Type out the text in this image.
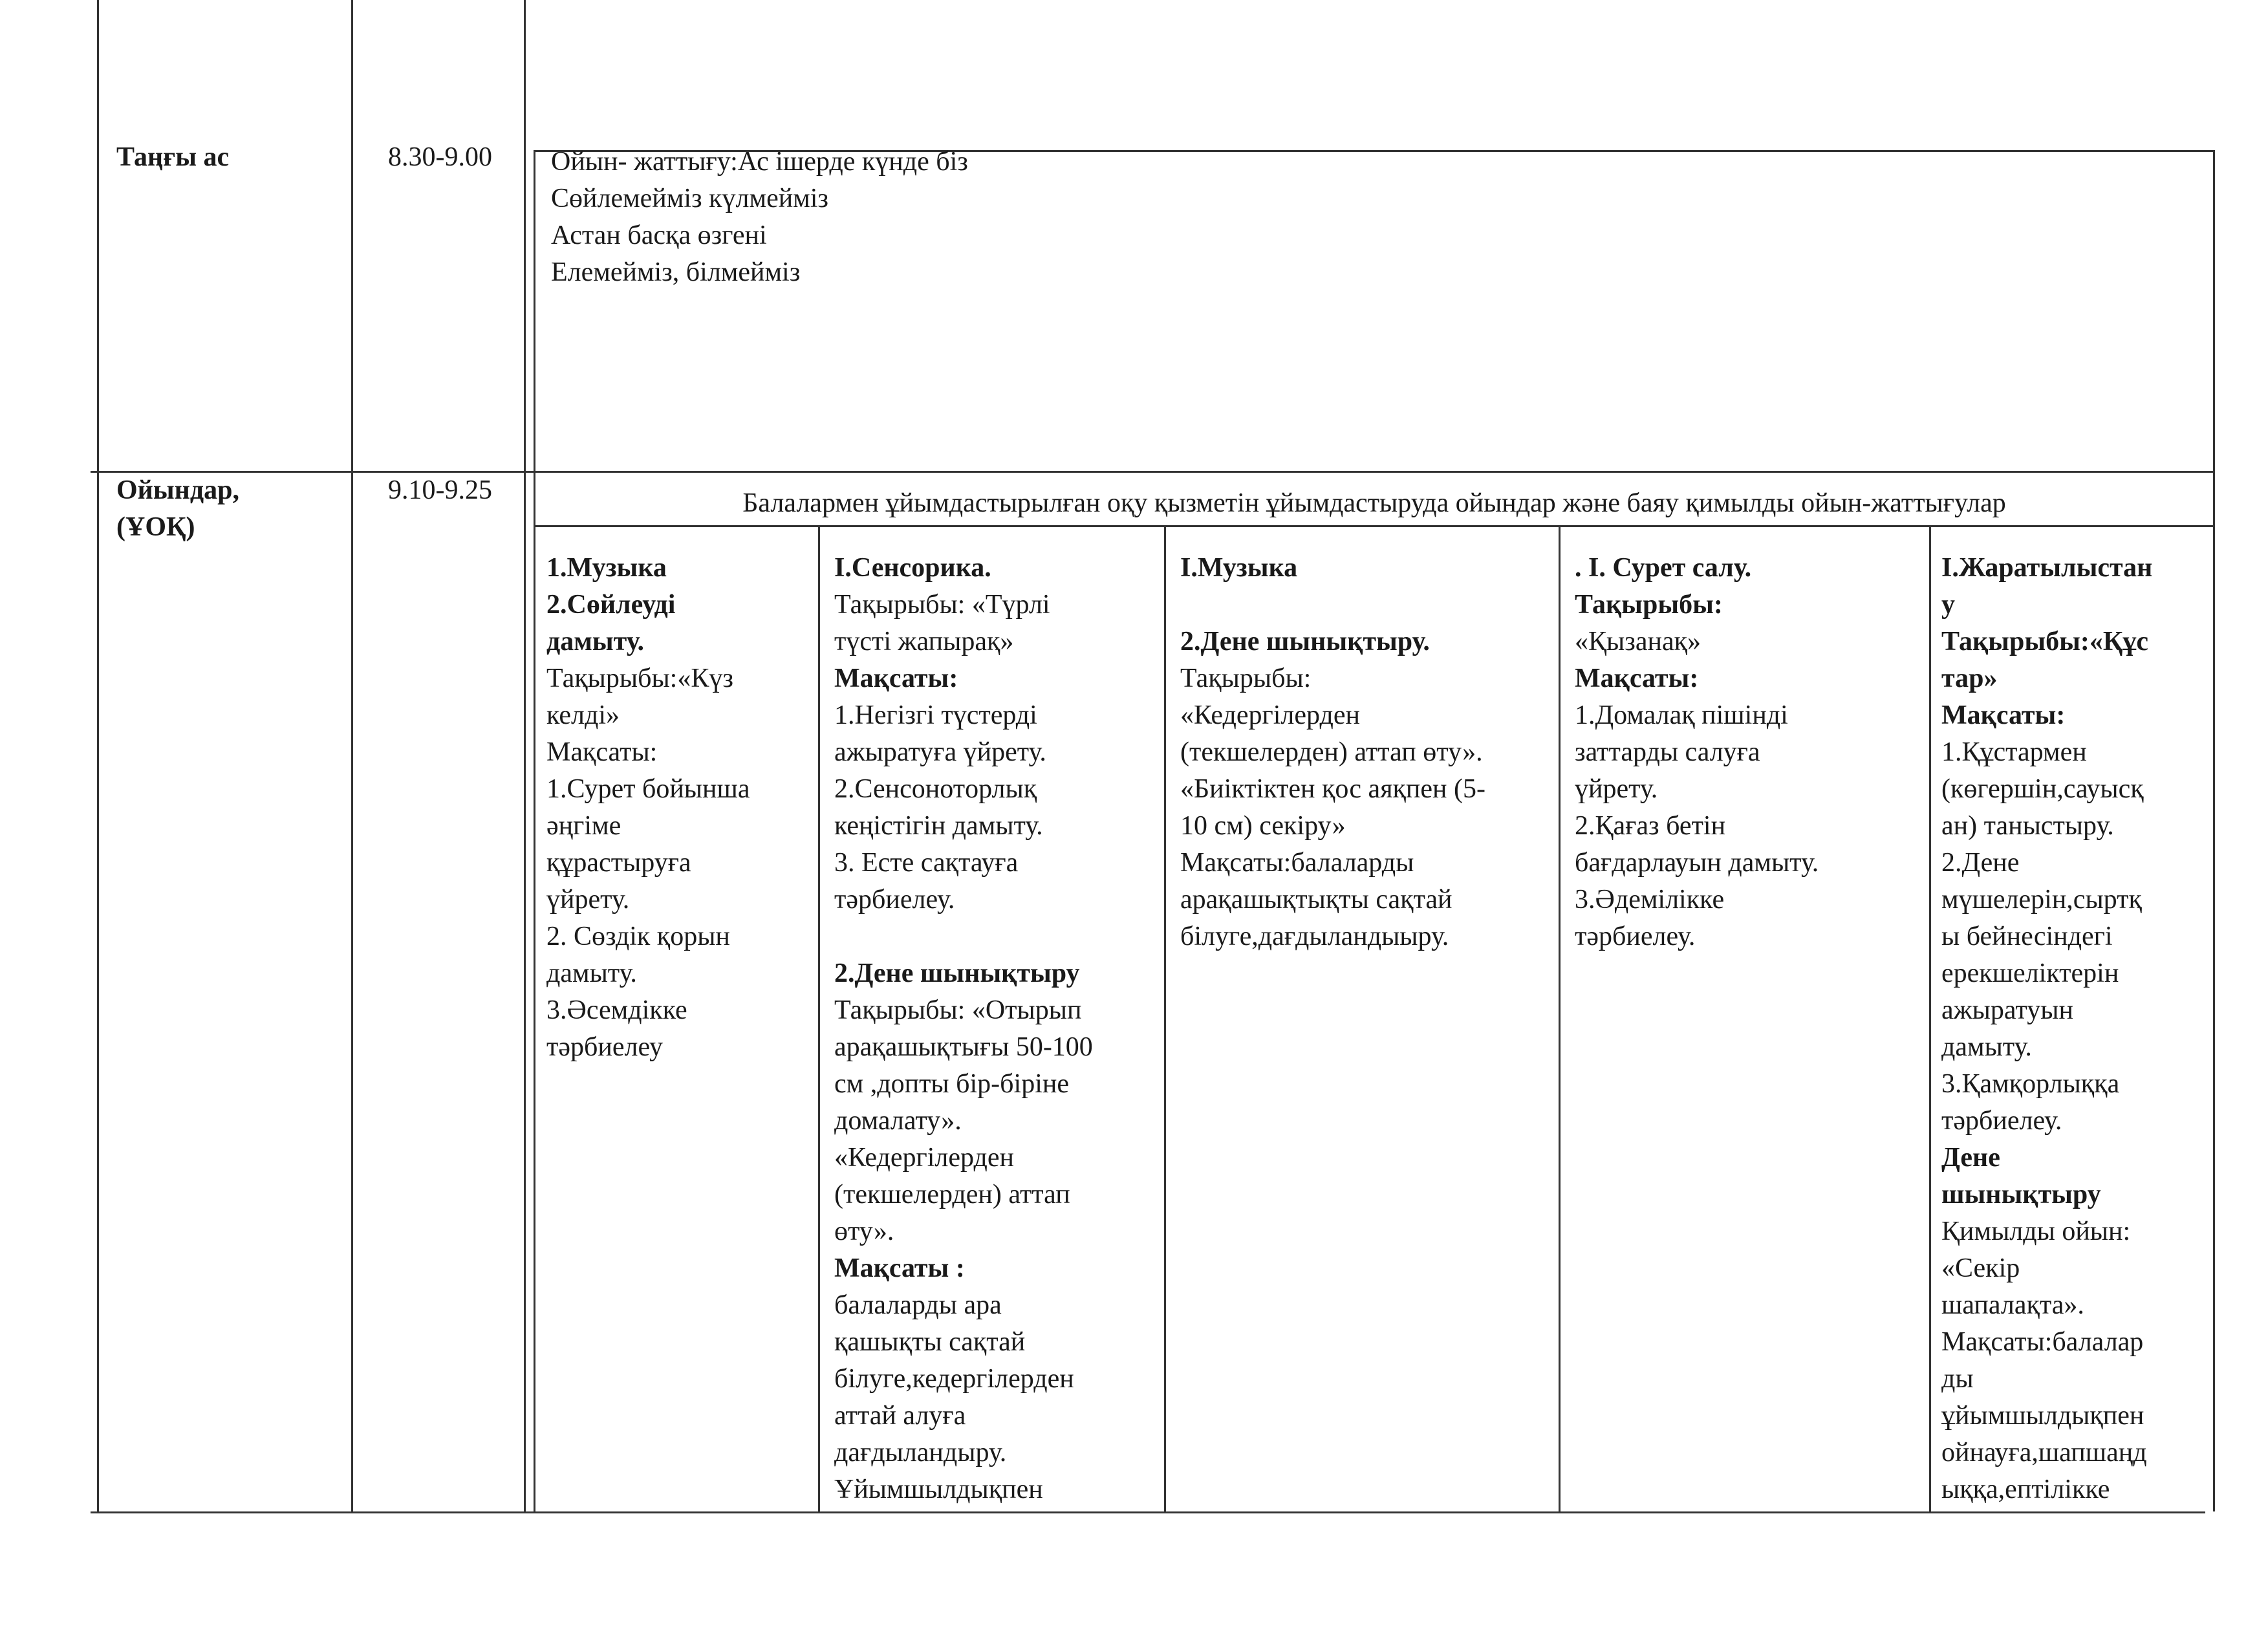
Таңғы ас	8.30-9.00 Ойын- жаттығу:Ас ішерде күнде біз
Сөйлемейміз күлмейміз
Астан басқа өзгені
Елемейміз, білмейміз
Ойындар,
(ҰОҚ)
9.10-9.25	Балалармен ұйымдастырылған оқу қызметін ұйымдастыруда ойындар және баяу қимылды ойын-жаттығулар
1.Музыка
2.Сөйлеуді
дамыту.
Тақырыбы:«Күз
келді»
Мақсаты:
1.Сурет бойынша
әңгіме
құрастыруға
үйрету.
2. Сөздік қорын
дамыту.
3.Әсемдікке
тәрбиелеу
І.Сенсорика.
Тақырыбы: «Түрлі
түсті жапырақ»
Мақсаты:
1.Негізгі түстерді
ажыратуға үйрету.
2.Сенсонотoрлық
кеңістігін дамыту.
3. Есте сақтауға
тәрбиелеу.

2.Дене шынықтыру
Тақырыбы: «Отырып
арақашықтығы 50-100
см ,допты бір-біріне
домалату».
«Кедергілерден
(текшелерден) аттап
өту».
Мақсаты :
балаларды ара
қашықты сақтай
білуге,кедергілерден
аттай алуға
дағдыландыру.
Ұйымшылдықпен
І.Музыка

2.Дене шынықтыру.
Тақырыбы:
«Кедергілерден
(текшелерден) аттап өту».
«Биіктіктен қос аяқпен (5-
10 см) секіру»
Мақсаты:балаларды
арақашықтықты сақтай
білуге,дағдыландыыру.
. І. Сурет салу.
Тақырыбы:
«Қызанақ»
Мақсаты:
1.Домалақ пішінді
заттарды салуға
үйрету.
2.Қағаз бетін
бағдарлауын дамыту.
3.Әдемілікке
тәрбиелеу.
І.Жаратылыстан
у
Тақырыбы:«Құс
тар»
Мақсаты:
1.Құстармен
(көгершін,сауысқ
ан) таныстыру.
2.Дене
мүшелерін,сыртқ
ы бейнесіндегі
ерекшеліктерін
ажыратуын
дамыту.
3.Қамқорлыққа
тәрбиелеу.
Дене
шынықтыру
Қимылды ойын:
«Секір
шапалақта».
Мақсаты:балалар
ды
ұйымшылдықпен
ойнауға,шапшаңд
ыққа,ептілікке
